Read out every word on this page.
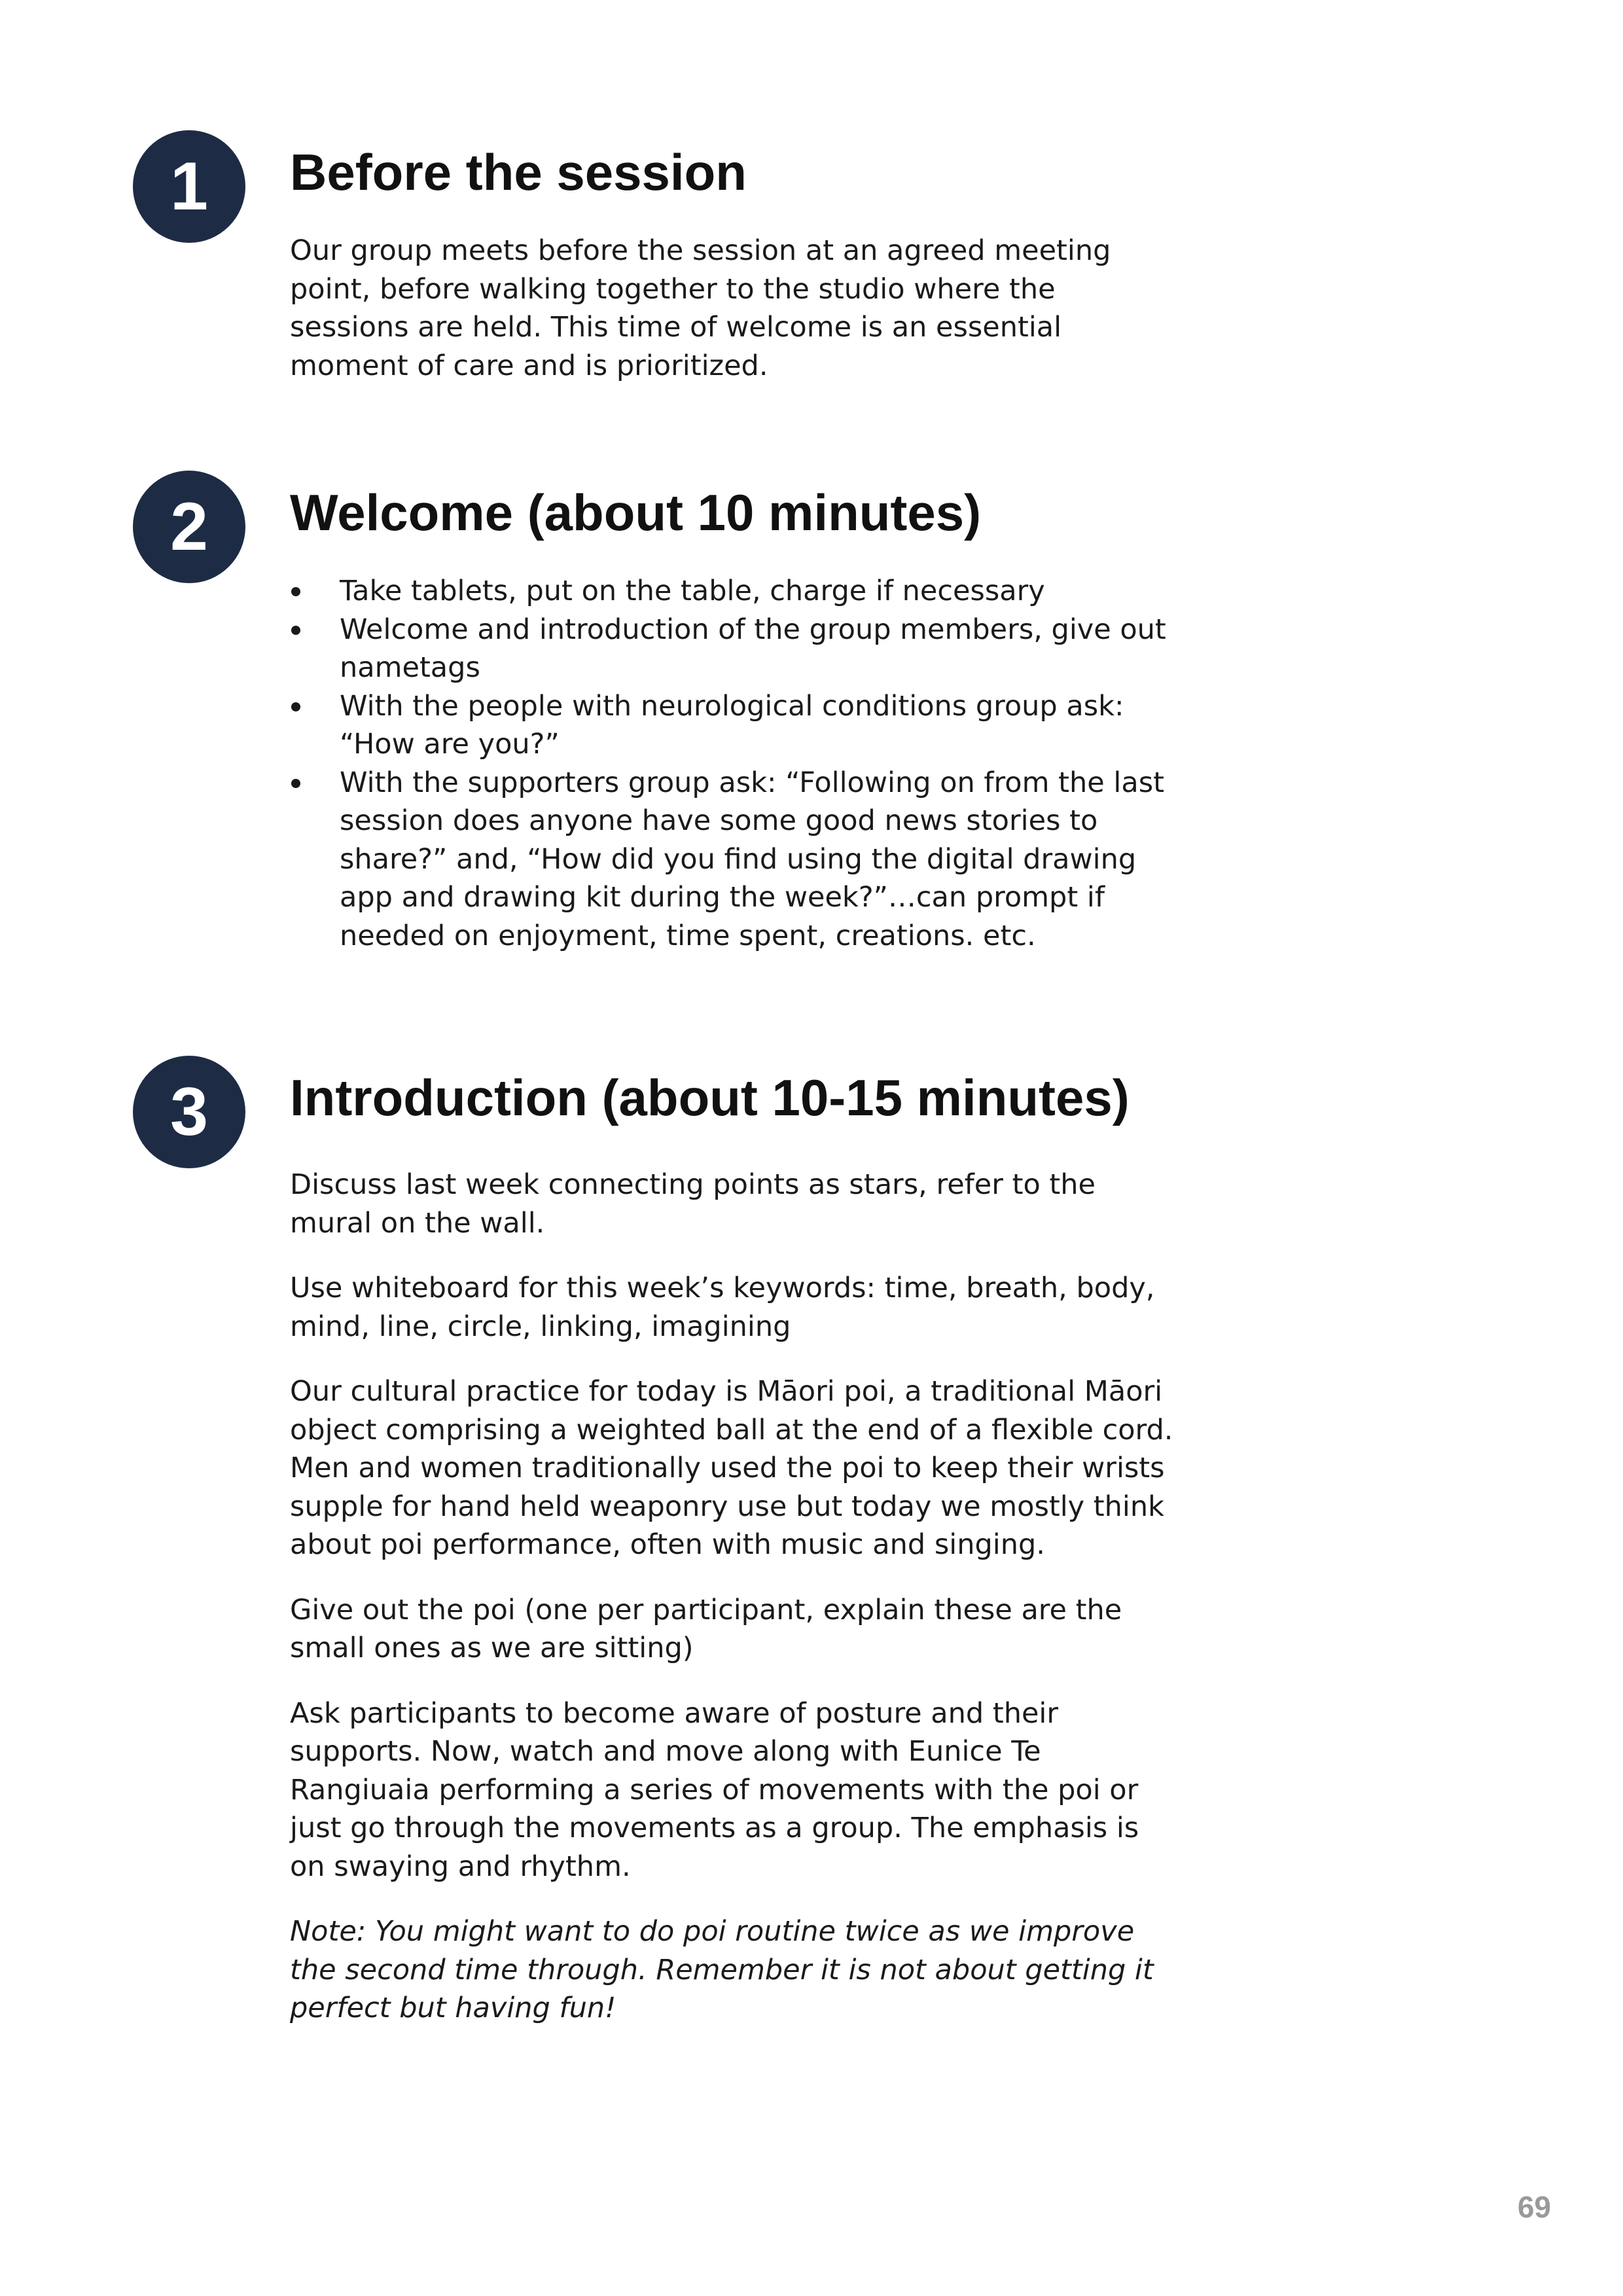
1	Before the session

Our group meets before the session at an agreed meeting point, before walking together to the studio where the sessions are held. This time of welcome is an essential moment of care and is prioritized.

2	Welcome (about 10 minutes)
Take tablets, put on the table, charge if necessary
Welcome and introduction of the group members, give out nametags
With the people with neurological conditions group ask: “How are you?”
With the supporters group ask: “Following on from the last session does anyone have some good news stories to share?” and, “How did you find using the digital drawing app and drawing kit during the week?”…can prompt if needed on enjoyment, time spent, creations. etc.
3	Introduction (about 10-15 minutes)

Discuss last week connecting points as stars, refer to the mural on the wall.

Use whiteboard for this week’s keywords: time, breath, body, mind, line, circle, linking, imagining

Our cultural practice for today is Māori poi, a traditional Māori object comprising a weighted ball at the end of a flexible cord. Men and women traditionally used the poi to keep their wrists supple for hand held weaponry use but today we mostly think about poi performance, often with music and singing.

Give out the poi (one per participant, explain these are the small ones as we are sitting)

Ask participants to become aware of posture and their supports. Now, watch and move along with Eunice Te Rangiuaia performing a series of movements with the poi or just go through the movements as a group. The emphasis is on swaying and rhythm.

Note: You might want to do poi routine twice as we improve the second time through. Remember it is not about getting it perfect but having fun!

69
